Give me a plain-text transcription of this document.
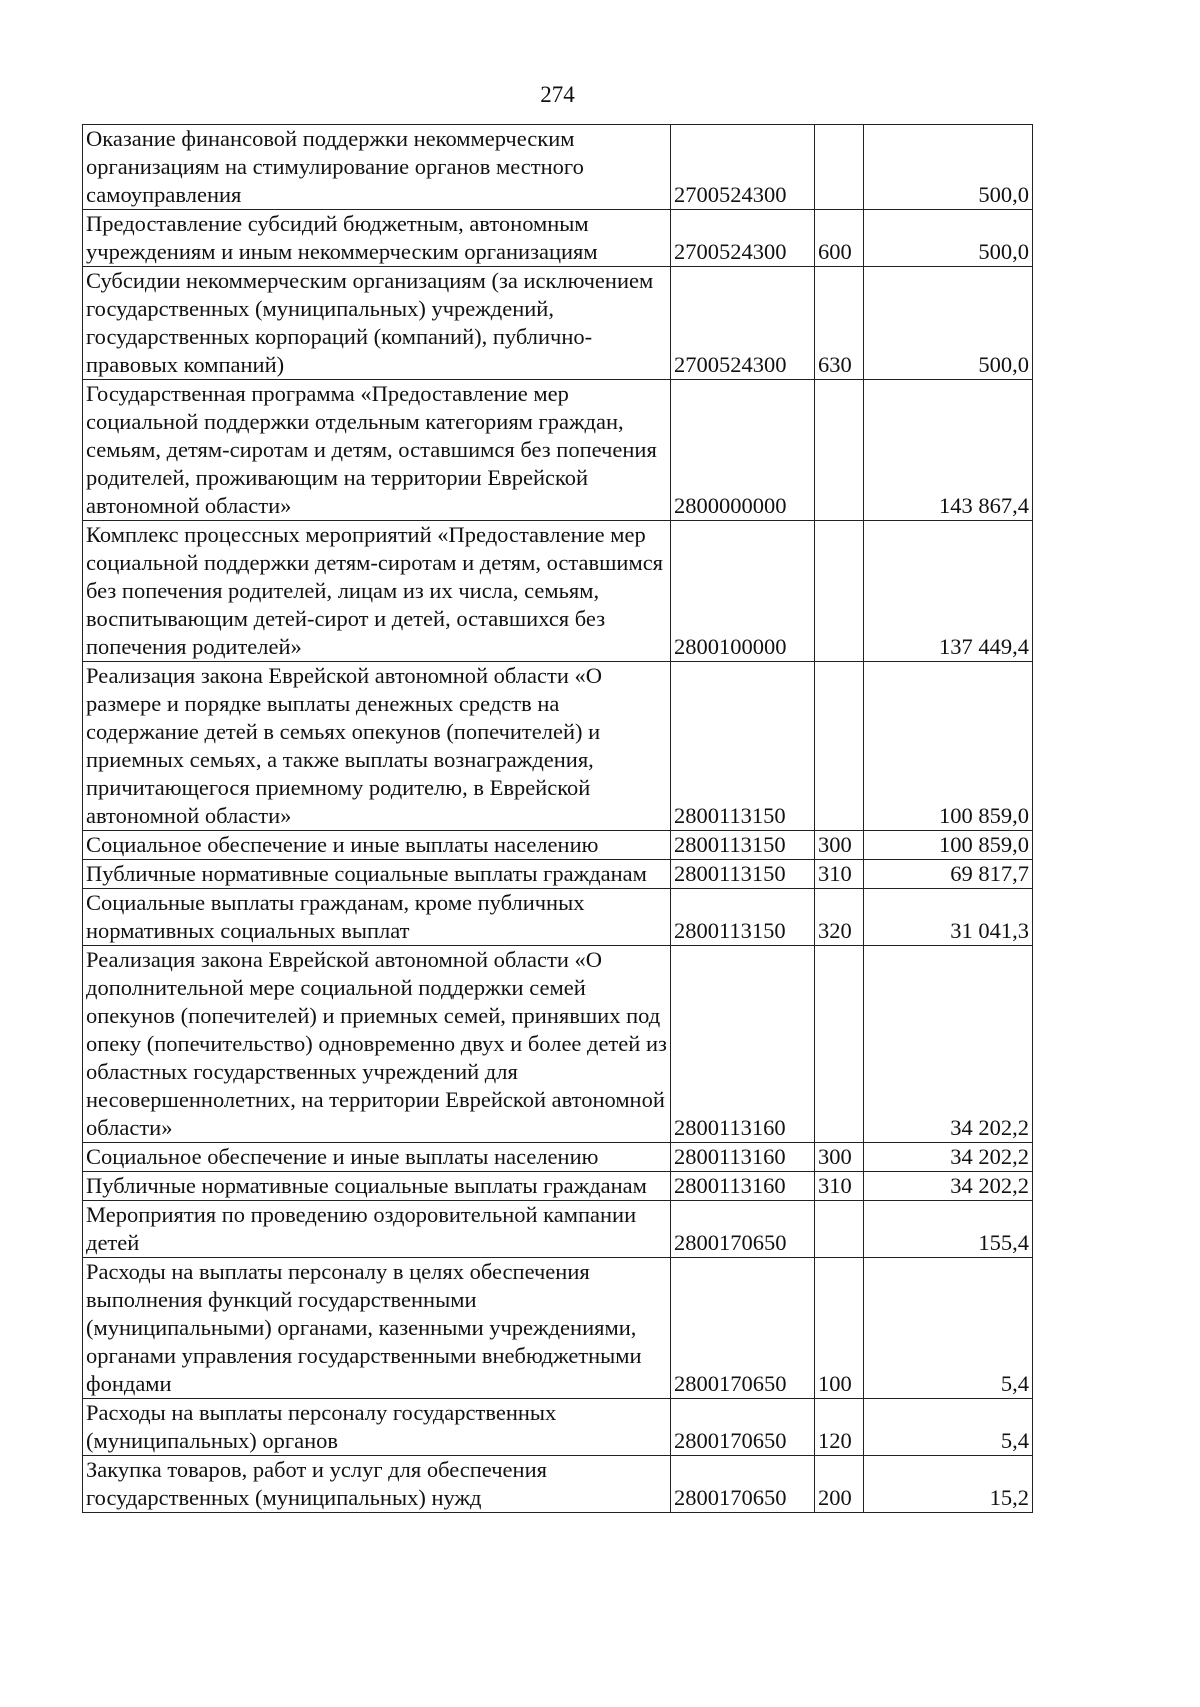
274
Оказание финансовой поддержки некоммерческим организациям на стимулирование органов местного самоуправления	2700524300		500,0
Предоставление субсидий бюджетным, автономным учреждениям и иным некоммерческим организациям	2700524300	600	500,0
Субсидии некоммерческим организациям (за исключением государственных (муниципальных) учреждений, государственных корпораций (компаний), публично-правовых компаний)	2700524300	630	500,0
Государственная программа «Предоставление мер социальной поддержки отдельным категориям граждан, семьям, детям-сиротам и детям, оставшимся без попечения родителей, проживающим на территории Еврейской автономной области»	2800000000		143 867,4
Комплекс процессных мероприятий «Предоставление мер социальной поддержки детям-сиротам и детям, оставшимся без попечения родителей, лицам из их числа, семьям, воспитывающим детей-сирот и детей, оставшихся без попечения родителей»	2800100000		137 449,4
Реализация закона Еврейской автономной области «О размере и порядке выплаты денежных средств на содержание детей в семьях опекунов (попечителей) и приемных семьях, а также выплаты вознаграждения, причитающегося приемному родителю, в Еврейской автономной области»	2800113150		100 859,0
Социальное обеспечение и иные выплаты населению	2800113150	300	100 859,0
Публичные нормативные социальные выплаты гражданам	2800113150	310	69 817,7
Социальные выплаты гражданам, кроме публичных нормативных социальных выплат	2800113150	320	31 041,3
Реализация закона Еврейской автономной области «О дополнительной мере социальной поддержки семей опекунов (попечителей) и приемных семей, принявших под опеку (попечительство) одновременно двух и более детей из областных государственных учреждений для несовершеннолетних, на территории Еврейской автономной области»	2800113160		34 202,2
Социальное обеспечение и иные выплаты населению	2800113160	300	34 202,2
Публичные нормативные социальные выплаты гражданам	2800113160	310	34 202,2
Мероприятия по проведению оздоровительной кампании детей	2800170650		155,4
Расходы на выплаты персоналу в целях обеспечения выполнения функций государственными (муниципальными) органами, казенными учреждениями, органами управления государственными внебюджетными фондами	2800170650	100	5,4
Расходы на выплаты персоналу государственных (муниципальных) органов	2800170650	120	5,4
Закупка товаров, работ и услуг для обеспечения государственных (муниципальных) нужд	2800170650	200	15,2
